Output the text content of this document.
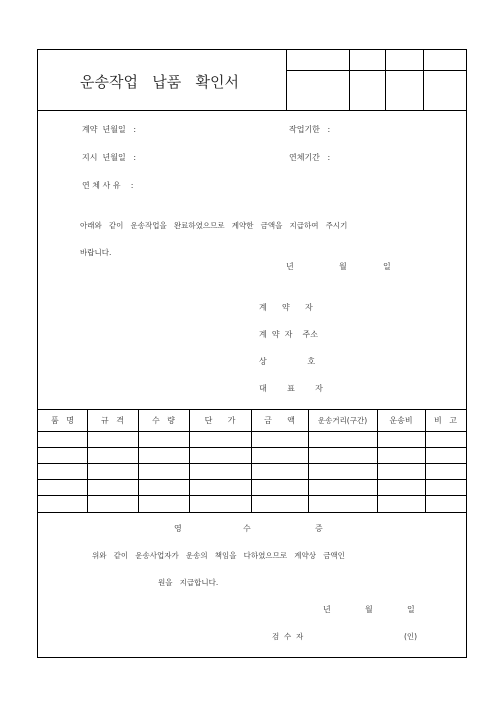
운송작업   납품   확인서
계약  년월일   :	작업기한   :
지시  년월일   :	연체기간   :
연 체 사 유    :
아래와   같이   운송작업을   완료하였으므로   계약한   금액을   지급하여   주시기
바랍니다.
년	월	일
계      약      자
계  약  자    주소
상                호
대        표        자
품   명	규   격	수   량	단      가	금      액	운송거리(구간)	운송비	비   고
영	수	증
위와   같이   운송사업자가   운송의   책임을   다하였으므로   계약상   금액인
원을   지급합니다.
년	월	일
검  수  자	(인)
